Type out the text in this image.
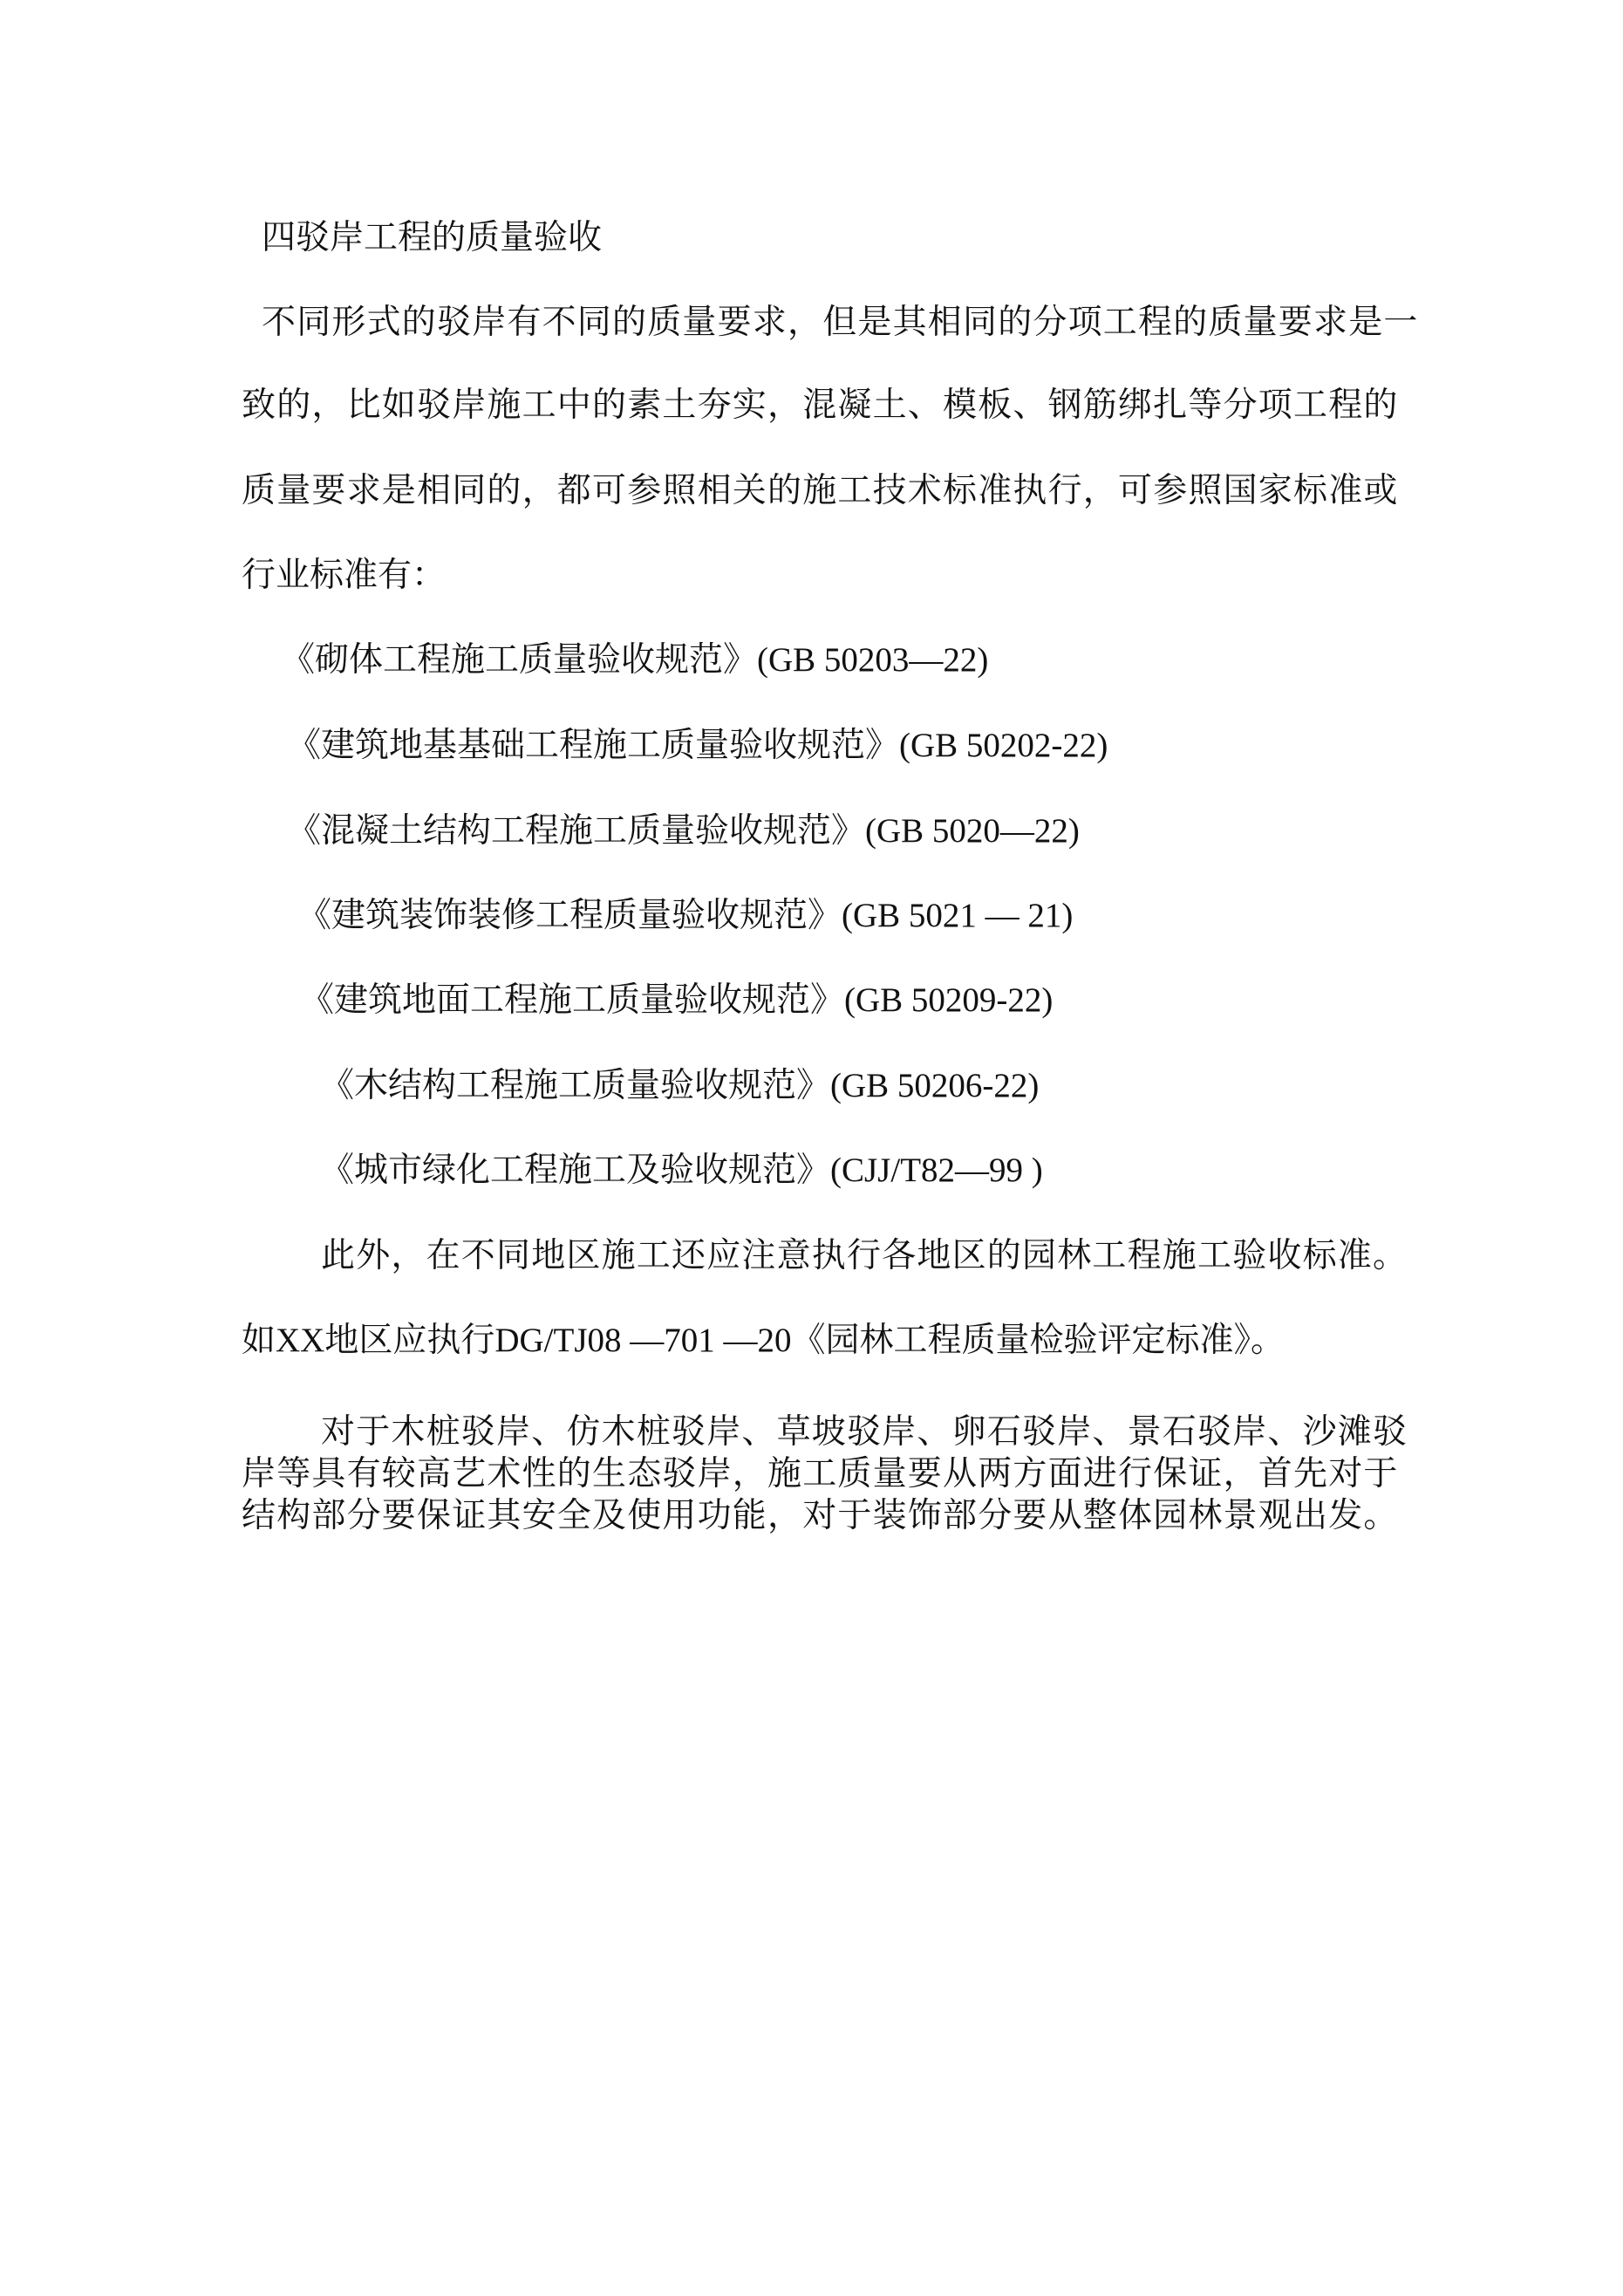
四驳岸工程的质量验收
不同形式的驳岸有不同的质量要求，但是其相同的分项工程的质量要求是一
致的，比如驳岸施工中的素土夯实，混凝土、模板、钢筋绑扎等分项工程的
质量要求是相同的，都可参照相关的施工技术标准执行，可参照国家标准或
行业标准有：
《砌体工程施工质量验收规范》(GB 50203—22)
《建筑地基基础工程施工质量验收规范》(GB 50202-22)
《混凝土结构工程施工质量验收规范》(GB 5020—22)
《建筑装饰装修工程质量验收规范》(GB 5021 — 21)
《建筑地面工程施工质量验收规范》(GB 50209-22)
《木结构工程施工质量验收规范》(GB 50206-22)
《城市绿化工程施工及验收规范》(CJJ/T82—99 )
此外，在不同地区施工还应注意执行各地区的园林工程施工验收标准。
如XX地区应执行DG/TJ08 —701 —20《园林工程质量检验评定标准》。
对于木桩驳岸、仿木桩驳岸、草坡驳岸、卵石驳岸、景石驳岸、沙滩驳
岸等具有较高艺术性的生态驳岸，施工质量要从两方面进行保证，首先对于
结构部分要保证其安全及使用功能，对于装饰部分要从整体园林景观出发。
